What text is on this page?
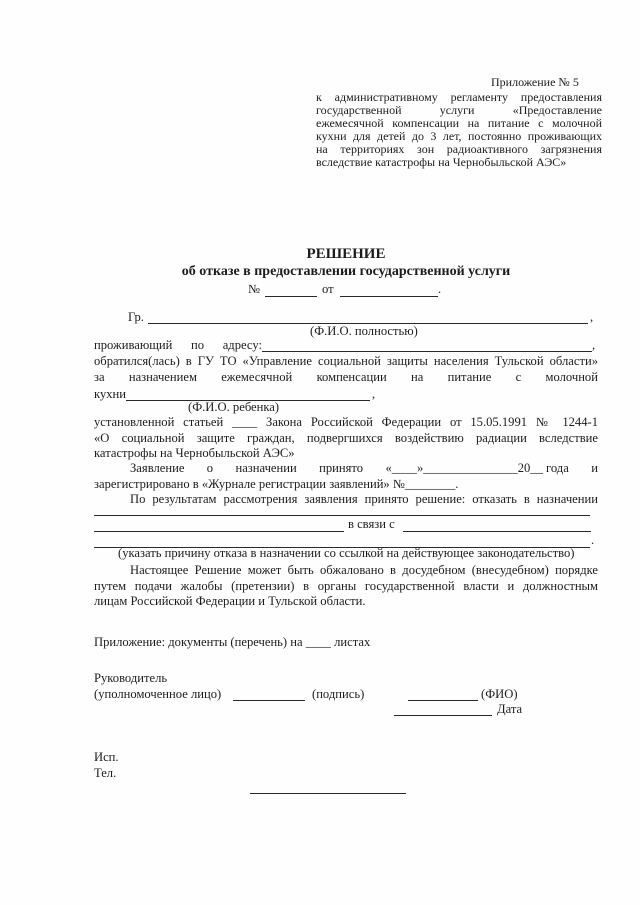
Приложение № 5
к административному регламенту предоставления
государственной	услуги	«Предоставление
ежемесячной компенсации на питание с молочной
кухни для детей до 3 лет, постоянно проживающих
на территориях зон радиоактивного загрязнения
вследствие катастрофы на Чернобыльской АЭС»
РЕШЕНИЕ
об отказе в предоставлении государственной услуги
№	от	.
Гр.	,
(Ф.И.О. полностью)
проживающий по адресу:	,
обратился(лась) в ГУ ТО «Управление социальной защиты населения Тульской области»
за назначением ежемесячной компенсации на питание с молочной
кухни	,
(Ф.И.О. ребенка)
установленной статьей ____ Закона Российской Федерации от 15.05.1991 № 1244-1
«О социальной защите граждан, подвергшихся воздействию радиации вследствие
катастрофы на Чернобыльской АЭС»
Заявление о назначении принято «____»_______________20__ года и
зарегистрировано в «Журнале регистрации заявлений» №________.
По результатам рассмотрения заявления принято решение: отказать в назначении
в связи с
.
(указать причину отказа в назначении со ссылкой на действующее законодательство)
Настоящее Решение может быть обжаловано в досудебном (внесудебном) порядке
путем подачи жалобы (претензии) в органы государственной власти и должностным
лицам Российской Федерации и Тульской области.
Приложение: документы (перечень) на ____ листах
Руководитель
(уполномоченное лицо)	(подпись)	(ФИО)
Дата
Исп.
Тел.
